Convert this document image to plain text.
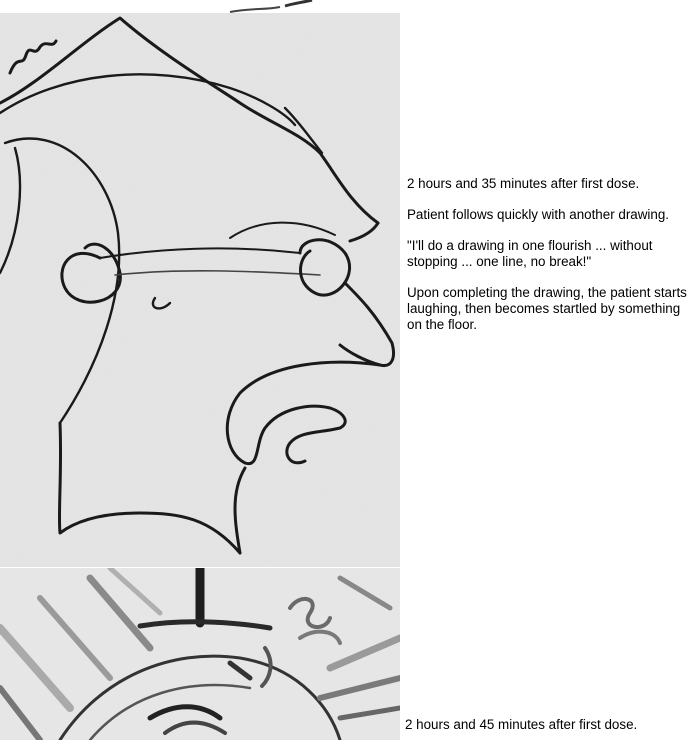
2 hours and 35 minutes after first dose.

Patient follows quickly with another drawing.

"I'll do a drawing in one flourish ... without stopping ... one line, no break!"

Upon completing the drawing, the patient starts laughing, then becomes startled by something on the floor.

2 hours and 45 minutes after first dose.
